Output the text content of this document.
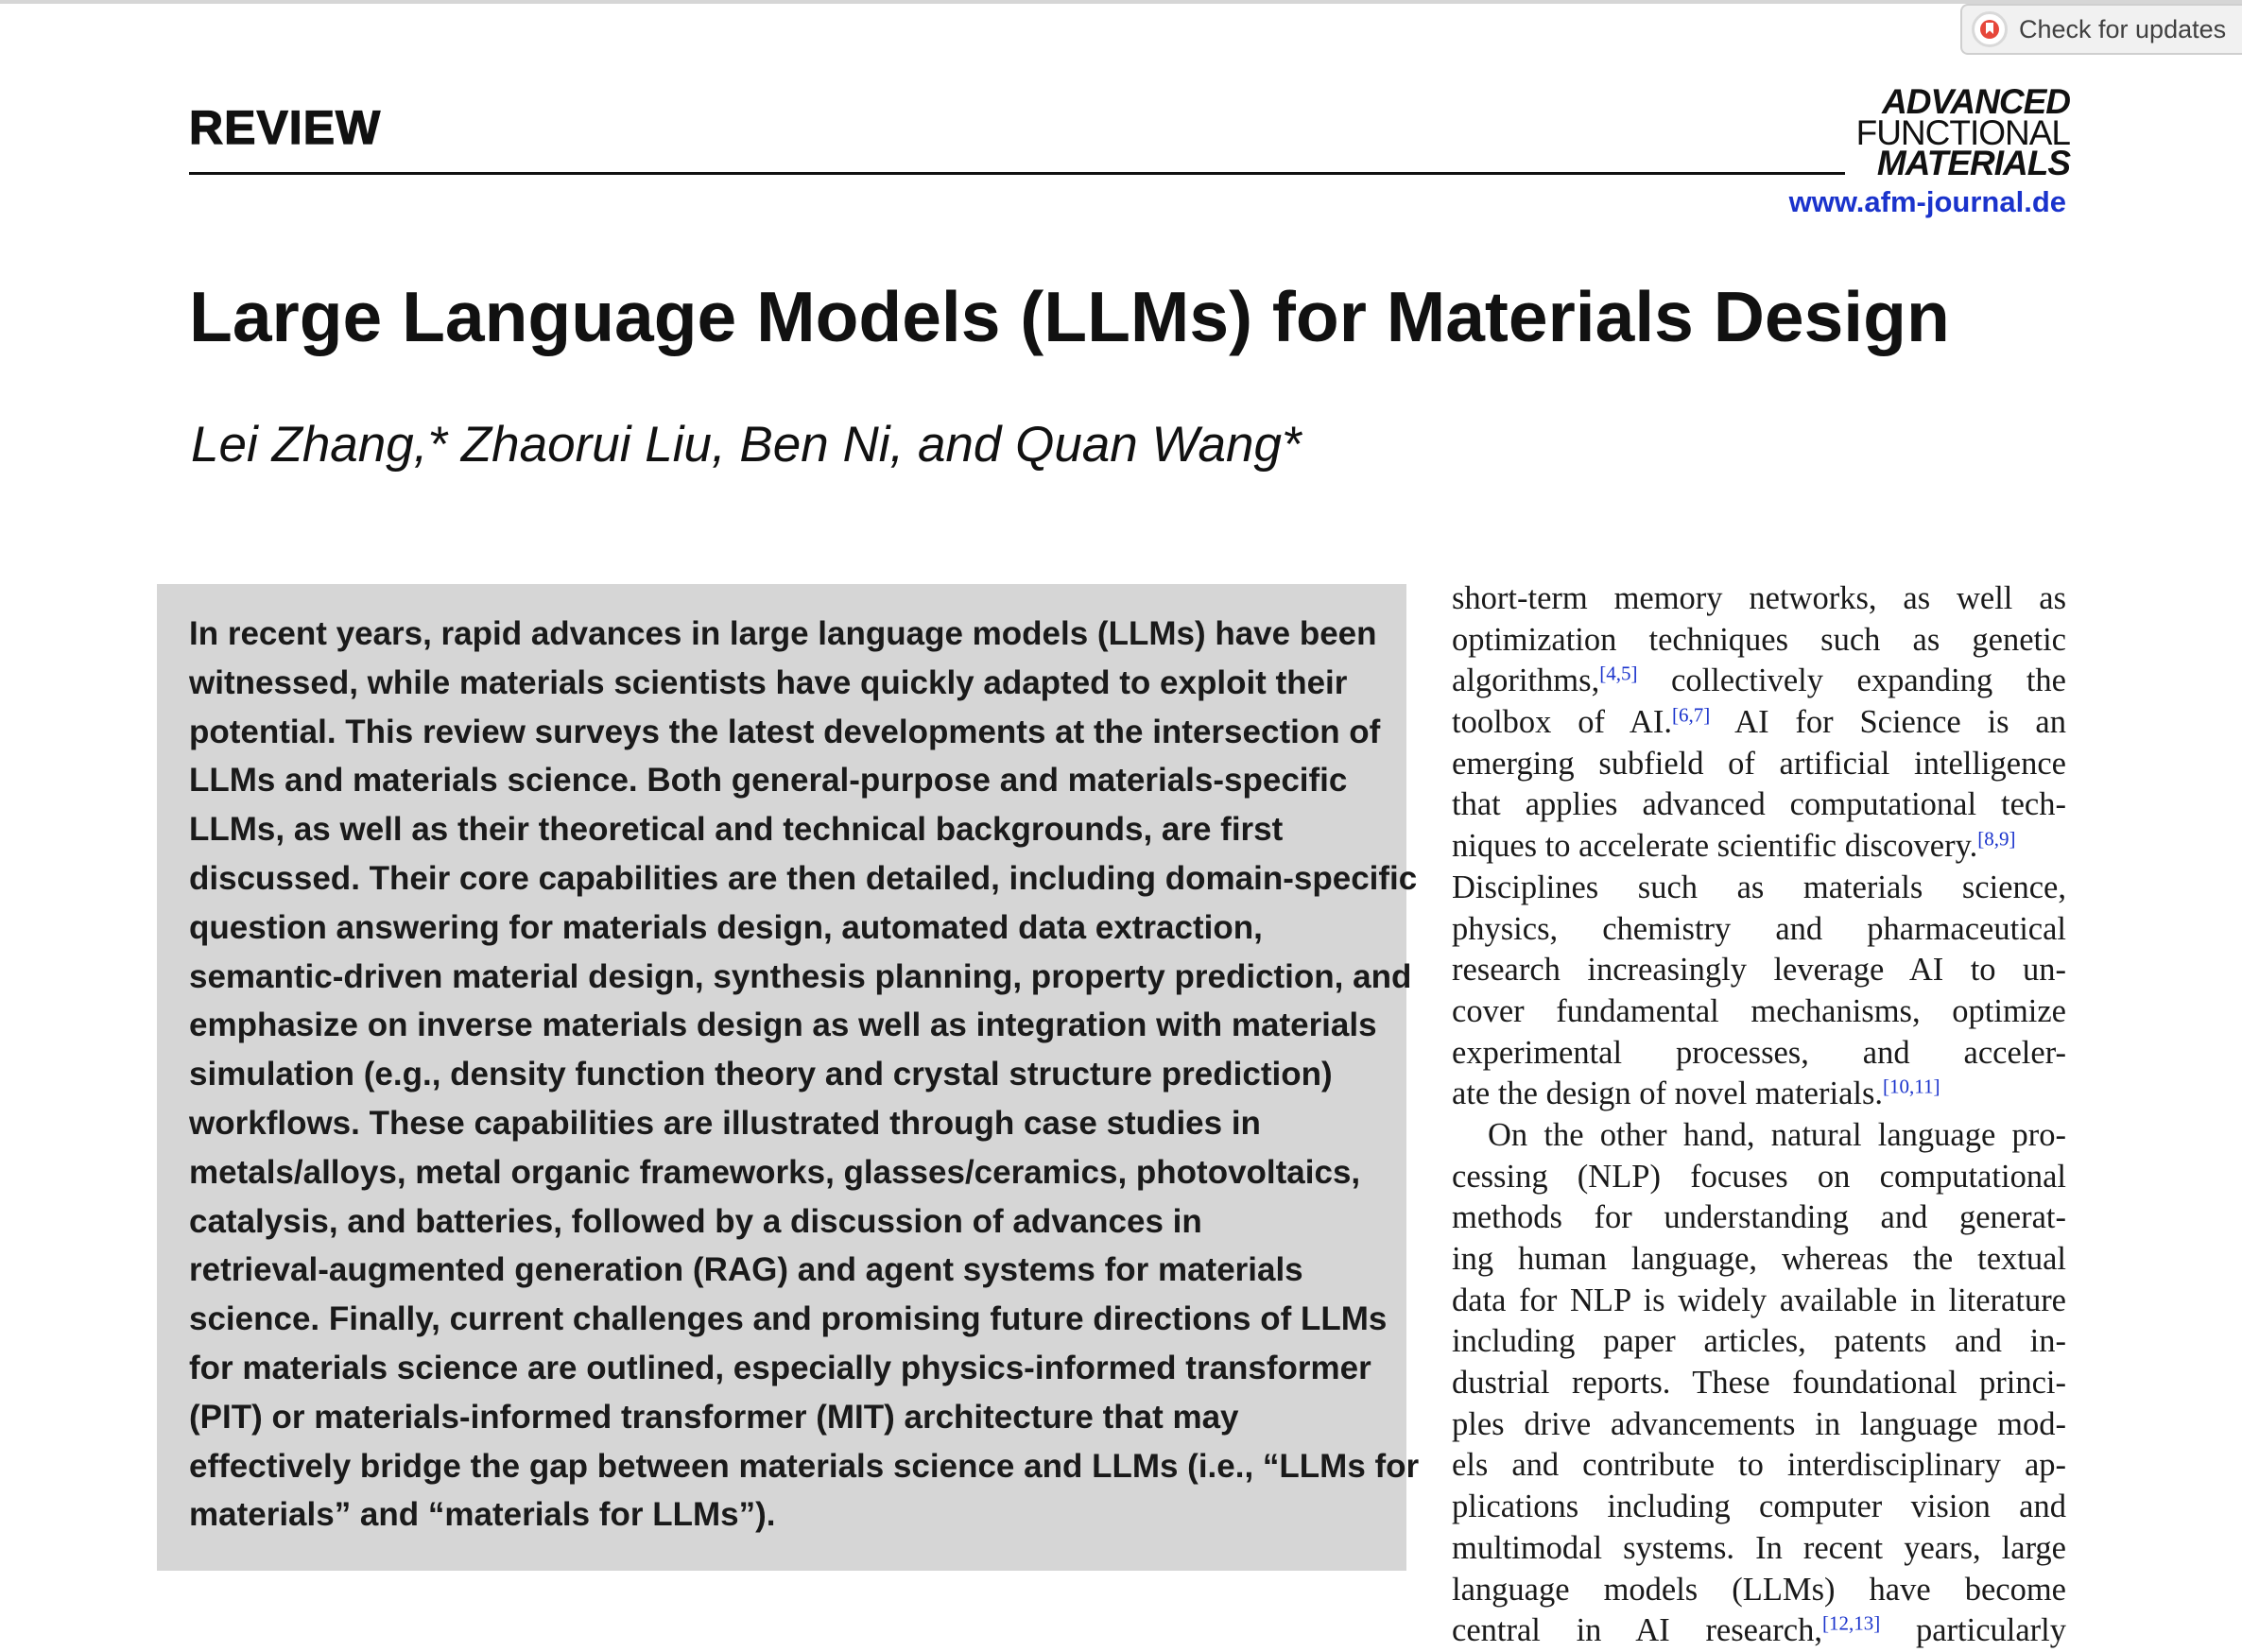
Check for updates
REVIEW	ADVANCED
FUNCTIONAL
MATERIALS
www.afm-journal.de
Large Language Models (LLMs) for Materials Design
Lei Zhang,* Zhaorui Liu, Ben Ni, and Quan Wang*
In recent years, rapid advances in large language models (LLMs) have been
witnessed, while materials scientists have quickly adapted to exploit their
potential. This review surveys the latest developments at the intersection of
LLMs and materials science. Both general-purpose and materials-specific
LLMs, as well as their theoretical and technical backgrounds, are first
discussed. Their core capabilities are then detailed, including domain-specific
question answering for materials design, automated data extraction,
semantic-driven material design, synthesis planning, property prediction, and
emphasize on inverse materials design as well as integration with materials
simulation (e.g., density function theory and crystal structure prediction)
workflows. These capabilities are illustrated through case studies in
metals/alloys, metal organic frameworks, glasses/ceramics, photovoltaics,
catalysis, and batteries, followed by a discussion of advances in
retrieval-augmented generation (RAG) and agent systems for materials
science. Finally, current challenges and promising future directions of LLMs
for materials science are outlined, especially physics-informed transformer
(PIT) or materials-informed transformer (MIT) architecture that may
effectively bridge the gap between materials science and LLMs (i.e., “LLMs for
materials” and “materials for LLMs”).
short-term memory networks, as well as
optimization techniques such as genetic
algorithms,[4,5] collectively expanding the
toolbox of AI.[6,7] AI for Science is an
emerging subfield of artificial intelligence
that applies advanced computational tech-
niques to accelerate scientific discovery.[8,9]
Disciplines such as materials science,
physics, chemistry and pharmaceutical
research increasingly leverage AI to un-
cover fundamental mechanisms, optimize
experimental processes, and acceler-
ate the design of novel materials.[10,11]
On the other hand, natural language pro-
cessing (NLP) focuses on computational
methods for understanding and generat-
ing human language, whereas the textual
data for NLP is widely available in literature
including paper articles, patents and in-
dustrial reports. These foundational princi-
ples drive advancements in language mod-
els and contribute to interdisciplinary ap-
plications including computer vision and
multimodal systems. In recent years, large
language models (LLMs) have become
central in AI research,[12,13] particularly
